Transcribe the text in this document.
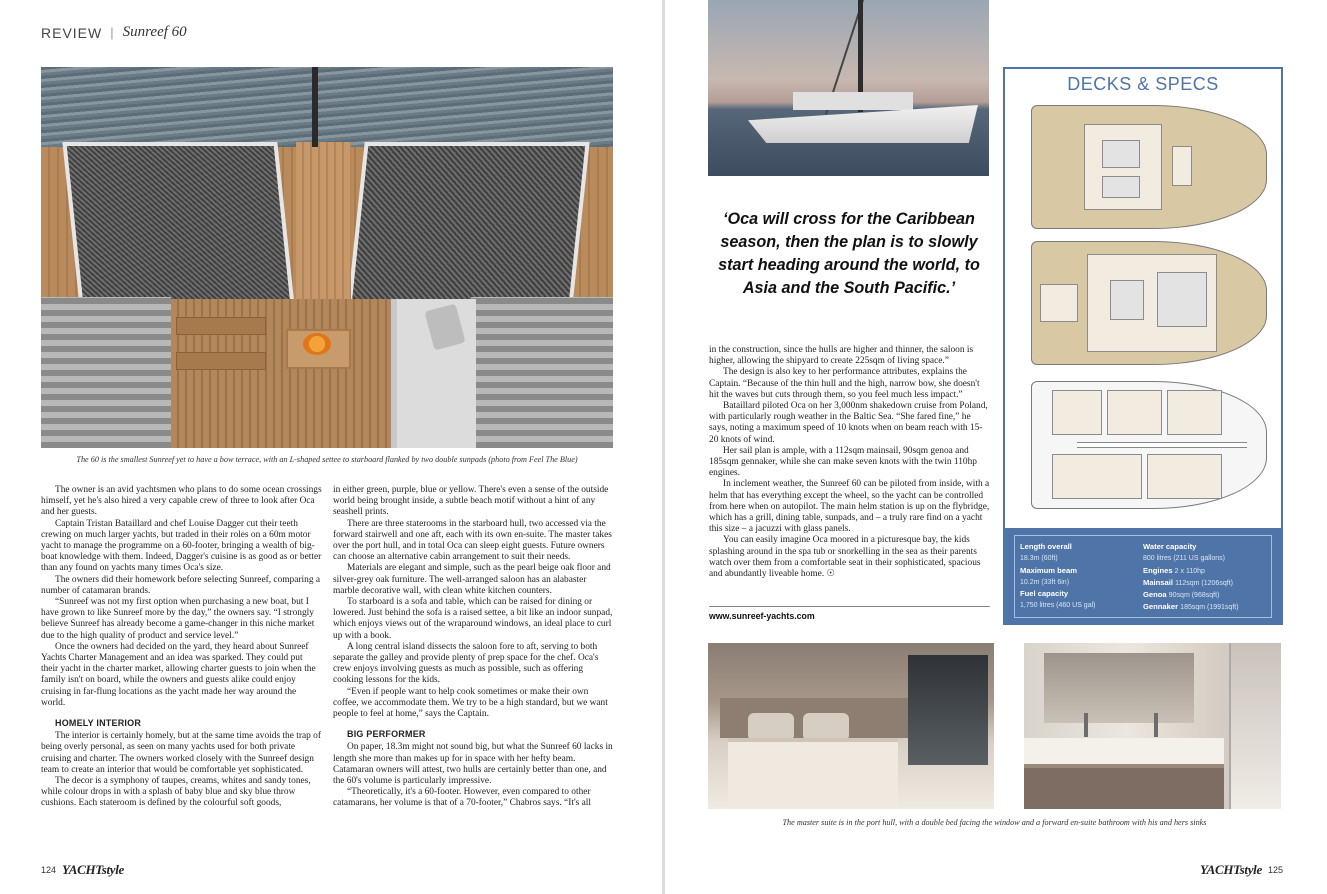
REVIEW | Sunreef 60
The 60 is the smallest Sunreef yet to have a bow terrace, with an L-shaped settee to starboard flanked by two double sunpads (photo from Feel The Blue)

The owner is an avid yachtsmen who plans to do some ocean crossings himself, yet he's also hired a very capable crew of three to look after Oca and her guests.

Captain Tristan Bataillard and chef Louise Dagger cut their teeth crewing on much larger yachts, but traded in their roles on a 60m motor yacht to manage the programme on a 60-footer, bringing a wealth of big-boat knowledge with them. Indeed, Dagger's cuisine is as good as or better than any found on yachts many times Oca's size.

The owners did their homework before selecting Sunreef, comparing a number of catamaran brands.

“Sunreef was not my first option when purchasing a new boat, but I have grown to like Sunreef more by the day,” the owners say. “I strongly believe Sunreef has already become a game-changer in this niche market due to the high quality of product and service level.”

Once the owners had decided on the yard, they heard about Sunreef Yachts Charter Management and an idea was sparked. They could put their yacht in the charter market, allowing charter guests to join when the family isn't on board, while the owners and guests alike could enjoy cruising in far-flung locations as the yacht made her way around the world.

HOMELY INTERIOR

The interior is certainly homely, but at the same time avoids the trap of being overly personal, as seen on many yachts used for both private cruising and charter. The owners worked closely with the Sunreef design team to create an interior that would be comfortable yet sophisticated.

The decor is a symphony of taupes, creams, whites and sandy tones, while colour drops in with a splash of baby blue and sky blue throw cushions. Each stateroom is defined by the colourful soft goods,

in either green, purple, blue or yellow. There's even a sense of the outside world being brought inside, a subtle beach motif without a hint of any seashell prints.

There are three staterooms in the starboard hull, two accessed via the forward stairwell and one aft, each with its own en-suite. The master takes over the port hull, and in total Oca can sleep eight guests. Future owners can choose an alternative cabin arrangement to suit their needs.

Materials are elegant and simple, such as the pearl beige oak floor and silver-grey oak furniture. The well-arranged saloon has an alabaster marble decorative wall, with clean white kitchen counters.

To starboard is a sofa and table, which can be raised for dining or lowered. Just behind the sofa is a raised settee, a bit like an indoor sunpad, which enjoys views out of the wraparound windows, an ideal place to curl up with a book.

A long central island dissects the saloon fore to aft, serving to both separate the galley and provide plenty of prep space for the chef. Oca's crew enjoys involving guests as much as possible, such as offering cooking lessons for the kids.

“Even if people want to help cook sometimes or make their own coffee, we accommodate them. We try to be a high standard, but we want people to feel at home,” says the Captain.

BIG PERFORMER

On paper, 18.3m might not sound big, but what the Sunreef 60 lacks in length she more than makes up for in space with her hefty beam. Catamaran owners will attest, two hulls are certainly better than one, and the 60's volume is particularly impressive.

“Theoretically, it's a 60-footer. However, even compared to other catamarans, her volume is that of a 70-footer,” Chabros says. “It's all

124 YACHTstyle
‘Oca will cross for the Caribbean season, then the plan is to slowly start heading around the world, to Asia and the South Pacific.’

in the construction, since the hulls are higher and thinner, the saloon is higher, allowing the shipyard to create 225sqm of living space.”

The design is also key to her performance attributes, explains the Captain. “Because of the thin hull and the high, narrow bow, she doesn't hit the waves but cuts through them, so you feel much less impact.”

Bataillard piloted Oca on her 3,000nm shakedown cruise from Poland, with particularly rough weather in the Baltic Sea. “She fared fine,” he says, noting a maximum speed of 10 knots when on beam reach with 15-20 knots of wind.

Her sail plan is ample, with a 112sqm mainsail, 90sqm genoa and 185sqm gennaker, while she can make seven knots with the twin 110hp engines.

In inclement weather, the Sunreef 60 can be piloted from inside, with a helm that has everything except the wheel, so the yacht can be controlled from here when on autopilot. The main helm station is up on the flybridge, which has a grill, dining table, sunpads, and – a truly rare find on a yacht this size – a jacuzzi with glass panels.

You can easily imagine Oca moored in a picturesque bay, the kids splashing around in the spa tub or snorkelling in the sea as their parents watch over them from a comfortable seat in their sophisticated, spacious and abundantly liveable home. ☉

www.sunreef-yachts.com
DECKS & SPECS
Length overall
18.3m (60ft)
Maximum beam
10.2m (33ft 6in)
Fuel capacity
1,750 litres (460 US gal)
Water capacity
800 litres (211 US gallons)
Engines 2 x 110hp
Mainsail 112sqm (1206sqft)
Genoa 90sqm (968sqft)
Gennaker 185sqm (1991sqft)
The master suite is in the port hull, with a double bed facing the window and a forward en-suite bathroom with his and hers sinks
YACHTstyle 125
